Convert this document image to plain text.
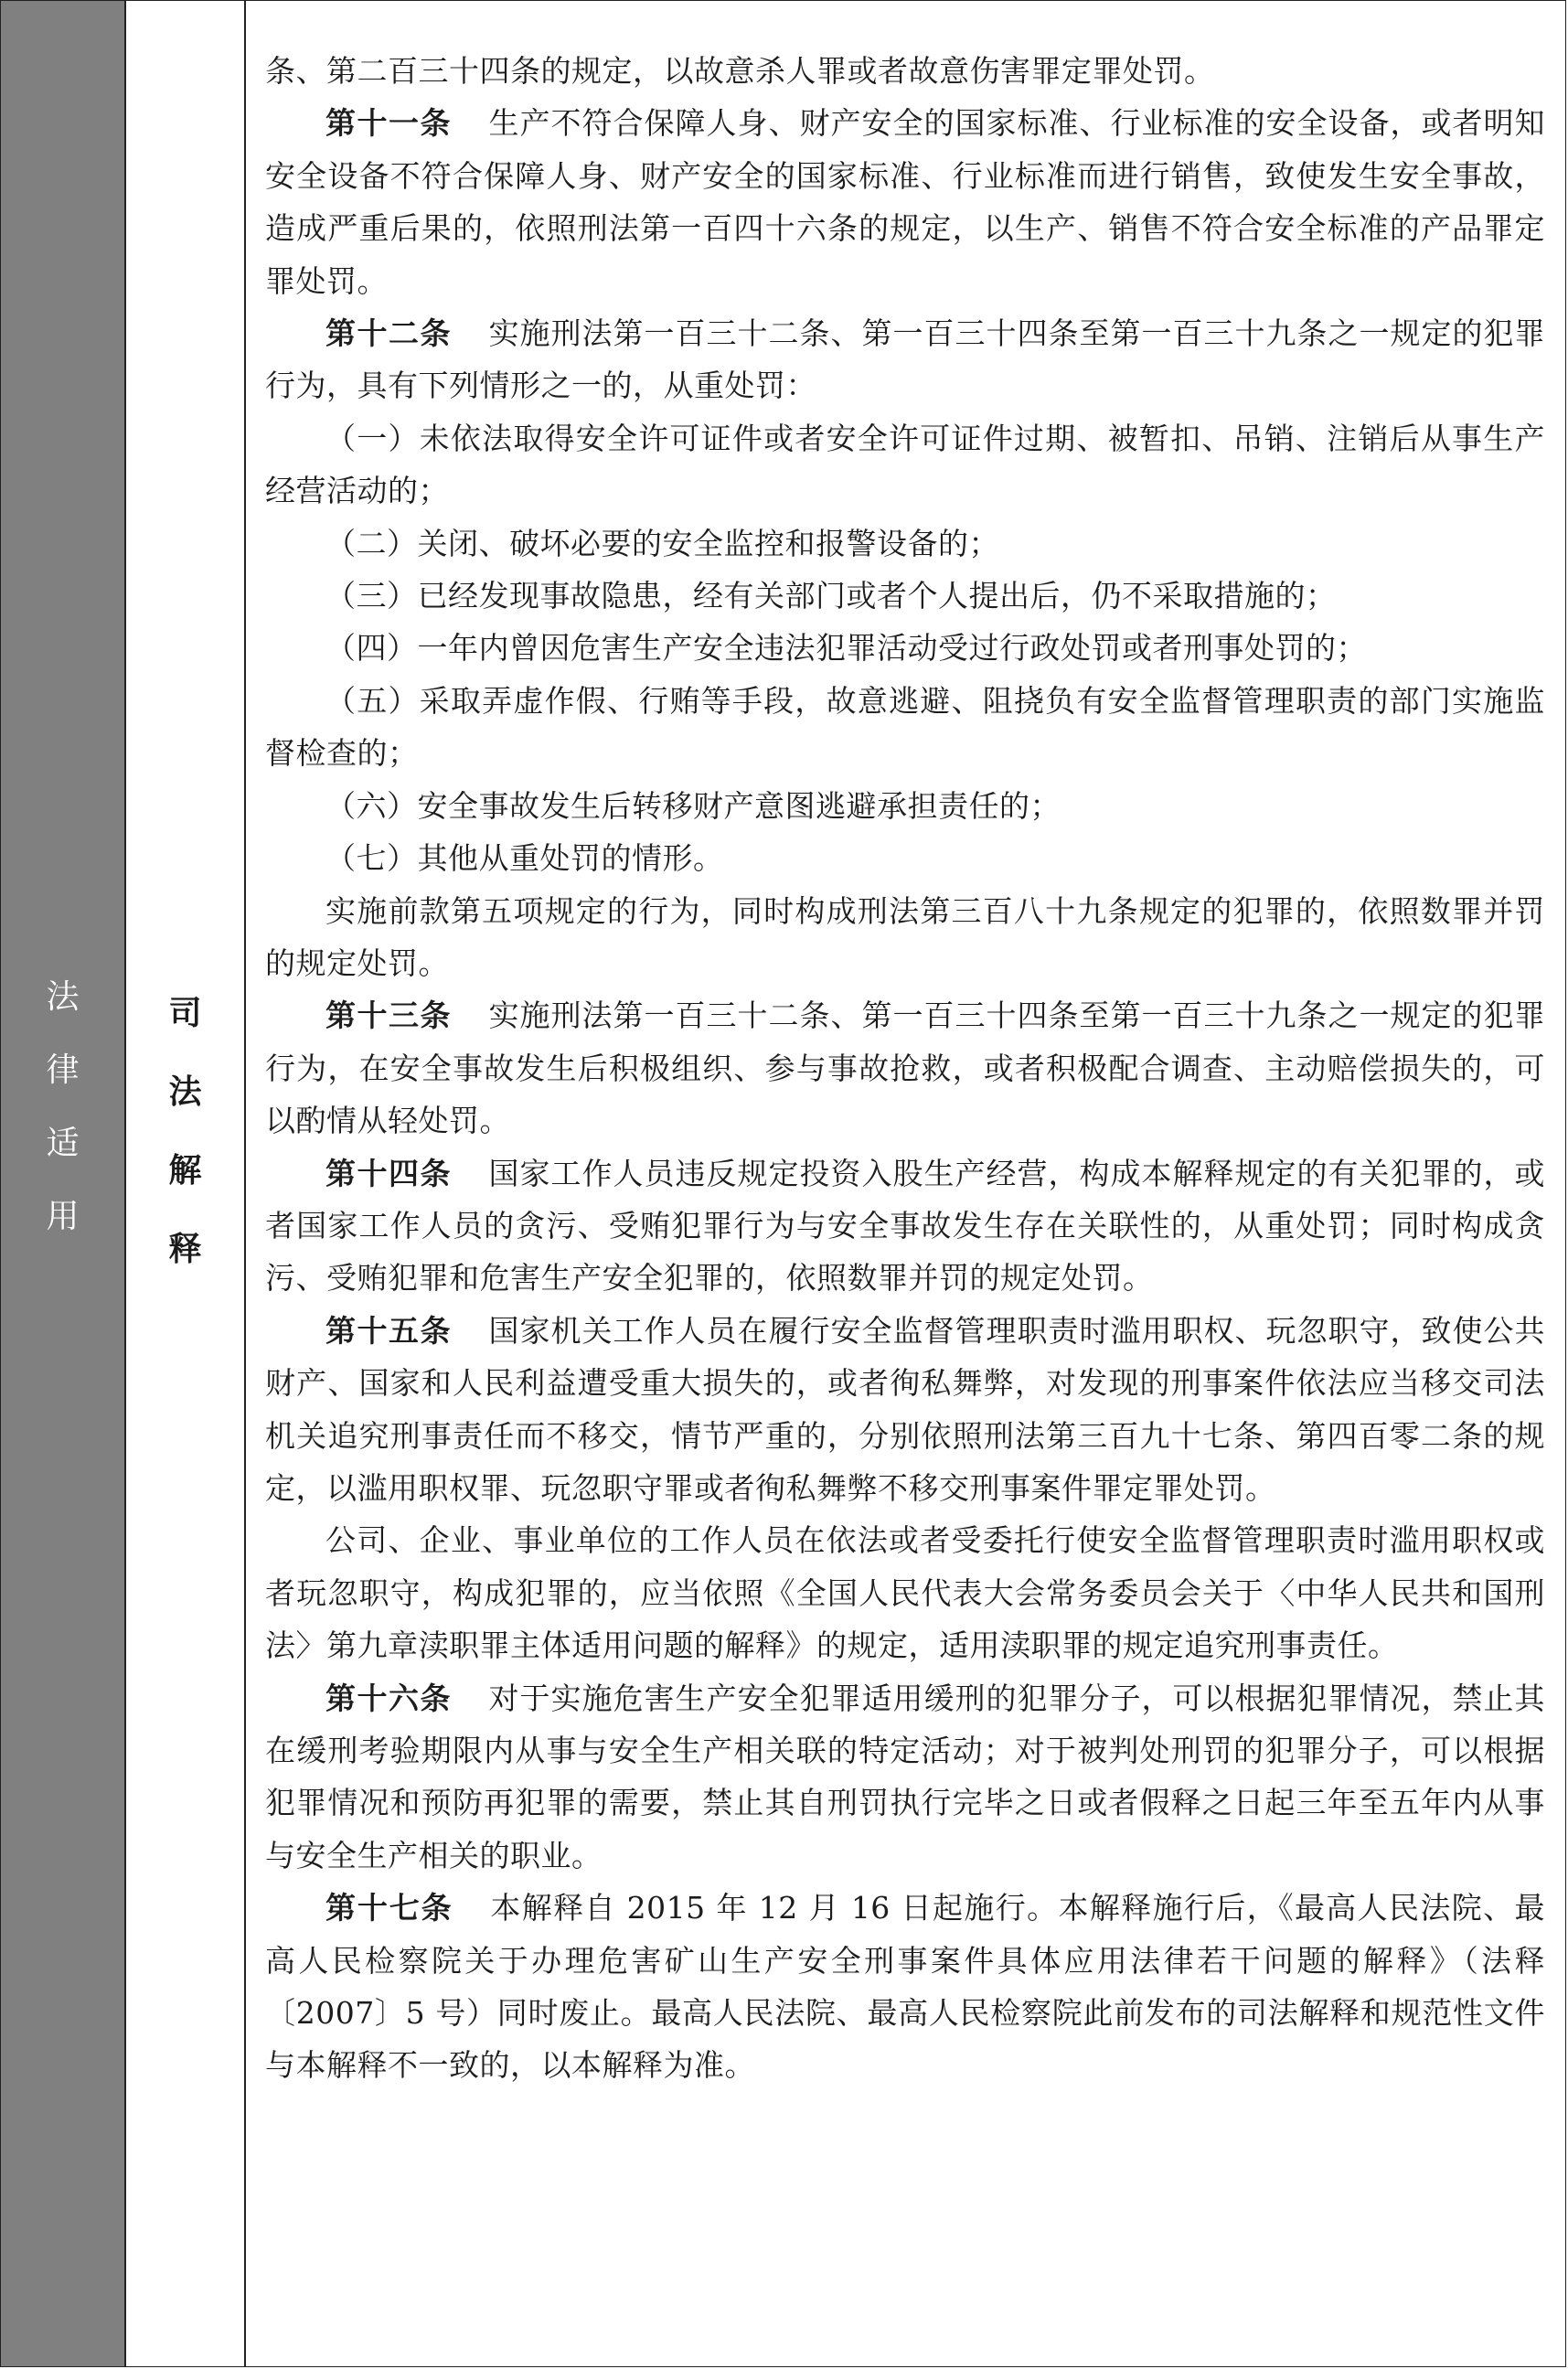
法
律
适
用
司
法
解
释

条、第二百三十四条的规定，以故意杀人罪或者故意伤害罪定罪处罚。

第十一条 生产不符合保障人身、财产安全的国家标准、行业标准的安全设备，或者明知安全设备不符合保障人身、财产安全的国家标准、行业标准而进行销售，致使发生安全事故，造成严重后果的，依照刑法第一百四十六条的规定，以生产、销售不符合安全标准的产品罪定罪处罚。

第十二条 实施刑法第一百三十二条、第一百三十四条至第一百三十九条之一规定的犯罪行为，具有下列情形之一的，从重处罚：

（一）未依法取得安全许可证件或者安全许可证件过期、被暂扣、吊销、注销后从事生产经营活动的；

（二）关闭、破坏必要的安全监控和报警设备的；

（三）已经发现事故隐患，经有关部门或者个人提出后，仍不采取措施的；

（四）一年内曾因危害生产安全违法犯罪活动受过行政处罚或者刑事处罚的；

（五）采取弄虚作假、行贿等手段，故意逃避、阻挠负有安全监督管理职责的部门实施监督检查的；

（六）安全事故发生后转移财产意图逃避承担责任的；

（七）其他从重处罚的情形。

实施前款第五项规定的行为，同时构成刑法第三百八十九条规定的犯罪的，依照数罪并罚的规定处罚。

第十三条 实施刑法第一百三十二条、第一百三十四条至第一百三十九条之一规定的犯罪行为，在安全事故发生后积极组织、参与事故抢救，或者积极配合调查、主动赔偿损失的，可以酌情从轻处罚。

第十四条 国家工作人员违反规定投资入股生产经营，构成本解释规定的有关犯罪的，或者国家工作人员的贪污、受贿犯罪行为与安全事故发生存在关联性的，从重处罚；同时构成贪污、受贿犯罪和危害生产安全犯罪的，依照数罪并罚的规定处罚。

第十五条 国家机关工作人员在履行安全监督管理职责时滥用职权、玩忽职守，致使公共财产、国家和人民利益遭受重大损失的，或者徇私舞弊，对发现的刑事案件依法应当移交司法机关追究刑事责任而不移交，情节严重的，分别依照刑法第三百九十七条、第四百零二条的规定，以滥用职权罪、玩忽职守罪或者徇私舞弊不移交刑事案件罪定罪处罚。

公司、企业、事业单位的工作人员在依法或者受委托行使安全监督管理职责时滥用职权或者玩忽职守，构成犯罪的，应当依照《全国人民代表大会常务委员会关于〈中华人民共和国刑法〉第九章渎职罪主体适用问题的解释》的规定，适用渎职罪的规定追究刑事责任。

第十六条 对于实施危害生产安全犯罪适用缓刑的犯罪分子，可以根据犯罪情况，禁止其在缓刑考验期限内从事与安全生产相关联的特定活动；对于被判处刑罚的犯罪分子，可以根据犯罪情况和预防再犯罪的需要，禁止其自刑罚执行完毕之日或者假释之日起三年至五年内从事与安全生产相关的职业。

第十七条 本解释自 2015 年 12 月 16 日起施行。本解释施行后，《最高人民法院、最高人民检察院关于办理危害矿山生产安全刑事案件具体应用法律若干问题的解释》（法释〔2007〕5 号）同时废止。最高人民法院、最高人民检察院此前发布的司法解释和规范性文件与本解释不一致的，以本解释为准。
